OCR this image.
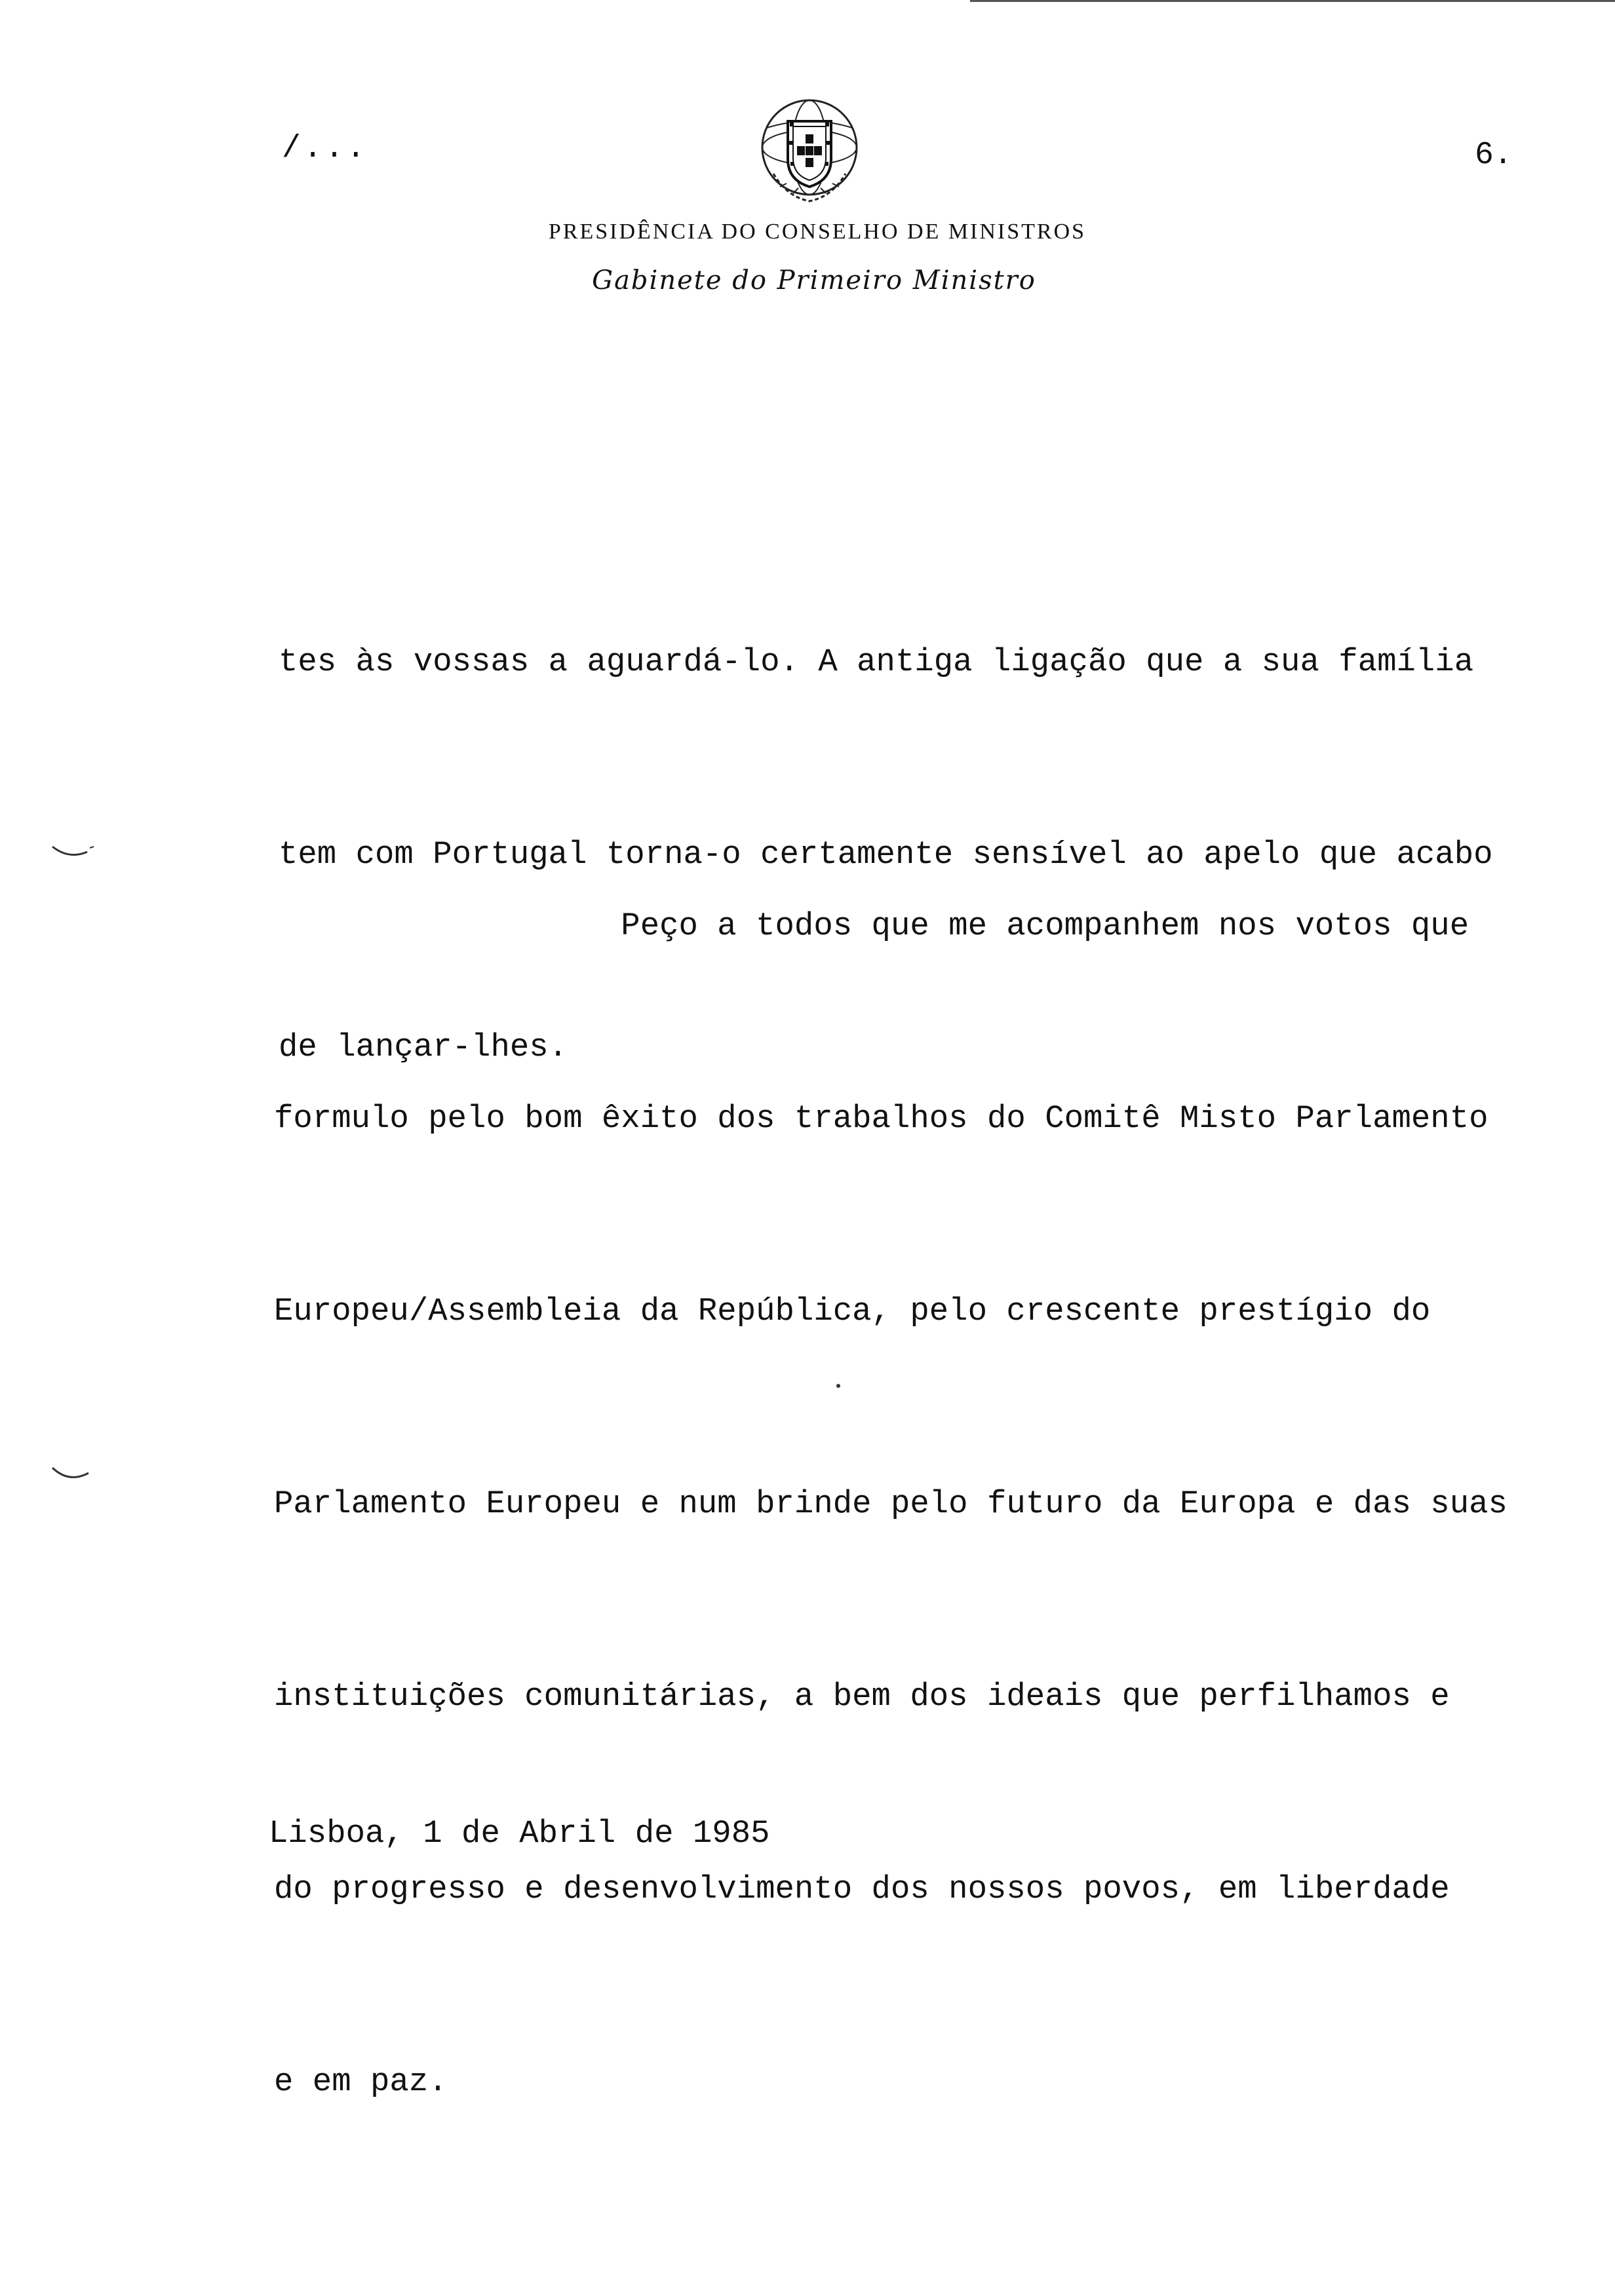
/...	6.
PRESIDÊNCIA DO CONSELHO DE MINISTROS
Gabinete do Primeiro Ministro

tes às vossas a aguardá-lo. A antiga ligação que a sua família

tem com Portugal torna-o certamente sensível ao apelo que acabo

de lançar-lhes.

Peço a todos que me acompanhem nos votos que

formulo pelo bom êxito dos trabalhos do Comitê Misto Parlamento

Europeu/Assembleia da República, pelo crescente prestígio do

Parlamento Europeu e num brinde pelo futuro da Europa e das suas

instituições comunitárias, a bem dos ideais que perfilhamos e

do progresso e desenvolvimento dos nossos povos, em liberdade

e em paz.

Lisboa, 1 de Abril de 1985
